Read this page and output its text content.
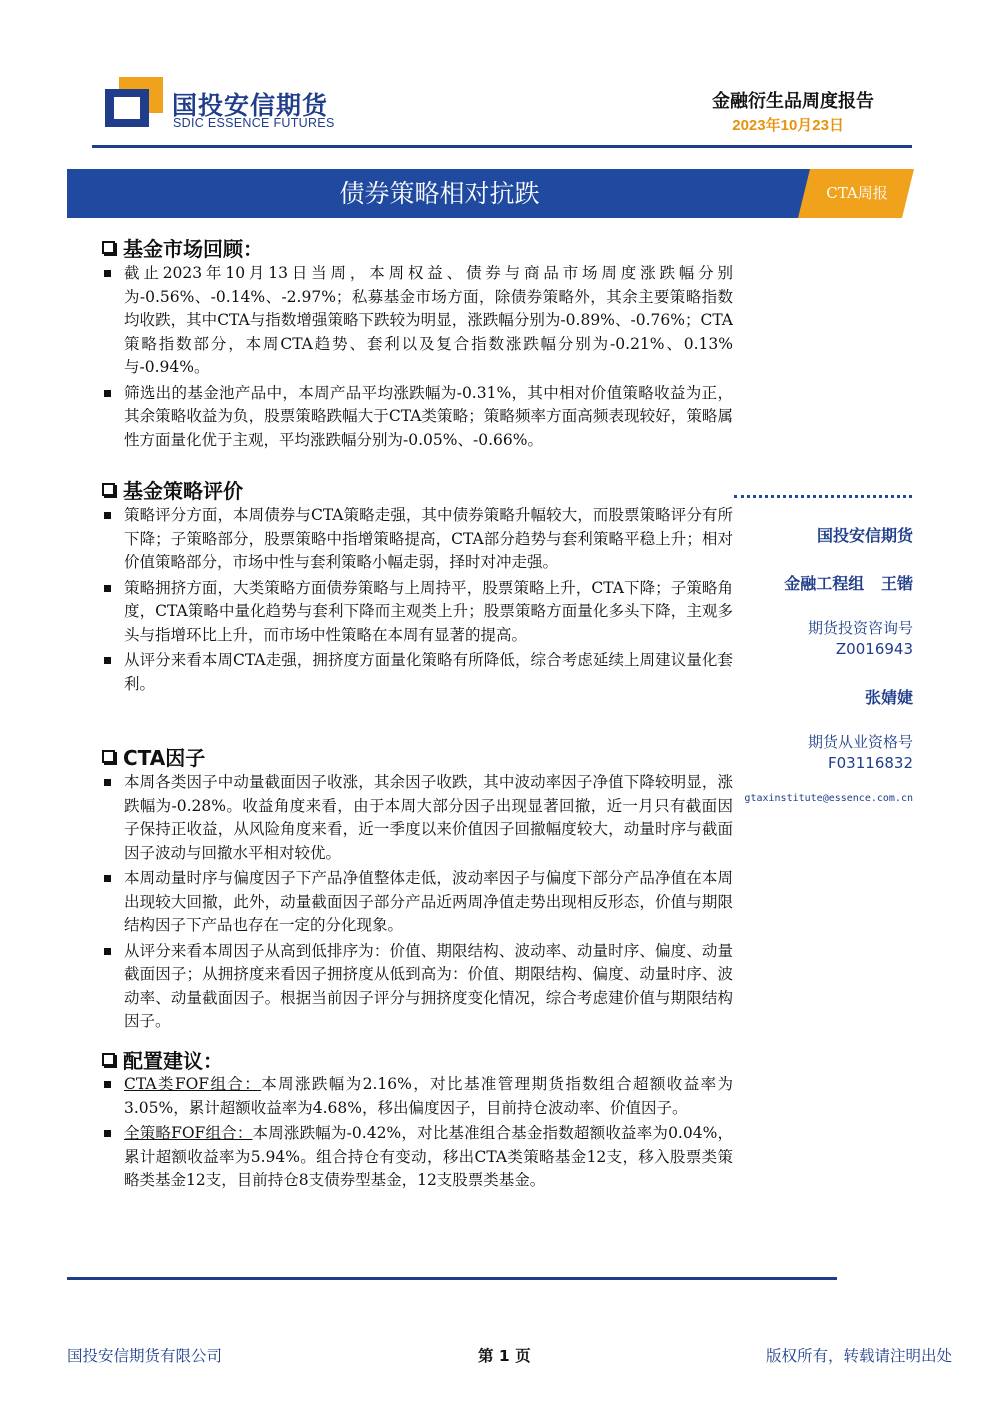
国投安信期货
SDIC ESSENCE FUTURES
金融衍生品周度报告
2023年10月23日
债券策略相对抗跌	CTA周报
基金市场回顾：
截止2023年10月13日当周，本周权益、债券与商品市场周度涨跌幅分别为-0.56%、-0.14%、-2.97%；私募基金市场方面，除债券策略外，其余主要策略指数均收跌，其中CTA与指数增强策略下跌较为明显，涨跌幅分别为-0.89%、-0.76%；CTA策略指数部分，本周CTA趋势、套利以及复合指数涨跌幅分别为-0.21%、0.13%与-0.94%。
筛选出的基金池产品中，本周产品平均涨跌幅为-0.31%，其中相对价值策略收益为正，其余策略收益为负，股票策略跌幅大于CTA类策略；策略频率方面高频表现较好，策略属性方面量化优于主观，平均涨跌幅分别为-0.05%、-0.66%。
基金策略评价
策略评分方面，本周债券与CTA策略走强，其中债券策略升幅较大，而股票策略评分有所下降；子策略部分，股票策略中指增策略提高，CTA部分趋势与套利策略平稳上升；相对价值策略部分，市场中性与套利策略小幅走弱，择时对冲走强。
策略拥挤方面，大类策略方面债券策略与上周持平，股票策略上升，CTA下降；子策略角度，CTA策略中量化趋势与套利下降而主观类上升；股票策略方面量化多头下降，主观多头与指增环比上升，而市场中性策略在本周有显著的提高。
从评分来看本周CTA走强，拥挤度方面量化策略有所降低，综合考虑延续上周建议量化套利。
CTA因子
本周各类因子中动量截面因子收涨，其余因子收跌，其中波动率因子净值下降较明显，涨跌幅为-0.28%。收益角度来看，由于本周大部分因子出现显著回撤，近一月只有截面因子保持正收益，从风险角度来看，近一季度以来价值因子回撤幅度较大，动量时序与截面因子波动与回撤水平相对较优。
本周动量时序与偏度因子下产品净值整体走低，波动率因子与偏度下部分产品净值在本周出现较大回撤，此外，动量截面因子部分产品近两周净值走势出现相反形态，价值与期限结构因子下产品也存在一定的分化现象。
从评分来看本周因子从高到低排序为：价值、期限结构、波动率、动量时序、偏度、动量截面因子；从拥挤度来看因子拥挤度从低到高为：价值、期限结构、偏度、动量时序、波动率、动量截面因子。根据当前因子评分与拥挤度变化情况，综合考虑建价值与期限结构因子。
配置建议：
CTA类FOF组合：本周涨跌幅为2.16%，对比基准管理期货指数组合超额收益率为3.05%，累计超额收益率为4.68%，移出偏度因子，目前持仓波动率、价值因子。
全策略FOF组合：本周涨跌幅为-0.42%，对比基准组合基金指数超额收益率为0.04%，累计超额收益率为5.94%。组合持仓有变动，移出CTA类策略基金12支，移入股票类策略类基金12支，目前持仓8支债券型基金，12支股票类基金。
国投安信期货
金融工程组 王锴
期货投资咨询号
Z0016943
张婧婕
期货从业资格号
F03116832
gtaxinstitute@essence.com.cn
国投安信期货有限公司	第 1 页	版权所有，转载请注明出处
